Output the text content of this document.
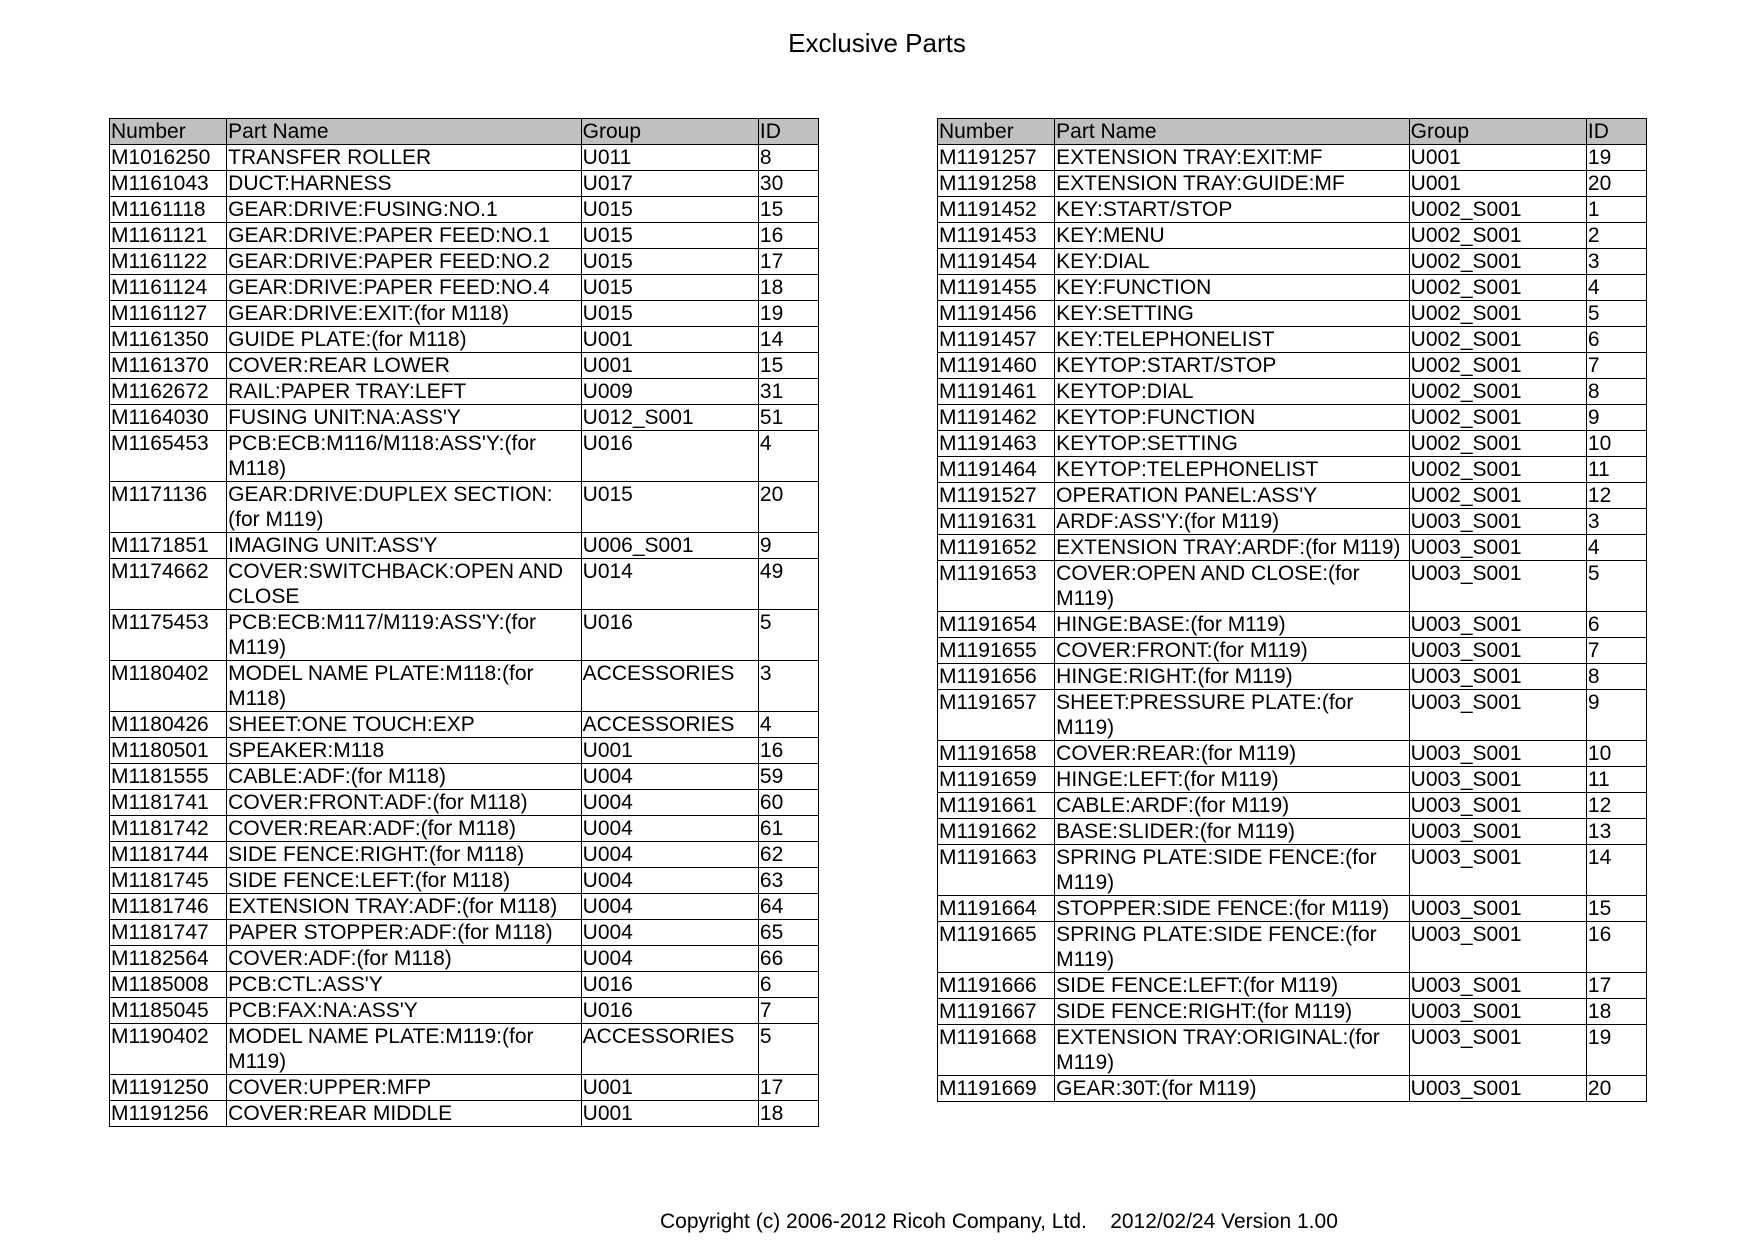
Exclusive Parts
Number	Part Name	Group	ID
M1016250	TRANSFER ROLLER	U011	8
M1161043	DUCT:HARNESS	U017	30
M1161118	GEAR:DRIVE:FUSING:NO.1	U015	15
M1161121	GEAR:DRIVE:PAPER FEED:NO.1	U015	16
M1161122	GEAR:DRIVE:PAPER FEED:NO.2	U015	17
M1161124	GEAR:DRIVE:PAPER FEED:NO.4	U015	18
M1161127	GEAR:DRIVE:EXIT:(for M118)	U015	19
M1161350	GUIDE PLATE:(for M118)	U001	14
M1161370	COVER:REAR LOWER	U001	15
M1162672	RAIL:PAPER TRAY:LEFT	U009	31
M1164030	FUSING UNIT:NA:ASS'Y	U012_S001	51
M1165453	PCB:ECB:M116/M118:ASS'Y:(for M118)	U016	4
M1171136	GEAR:DRIVE:DUPLEX SECTION:(for M119)	U015	20
M1171851	IMAGING UNIT:ASS'Y	U006_S001	9
M1174662	COVER:SWITCHBACK:OPEN AND CLOSE	U014	49
M1175453	PCB:ECB:M117/M119:ASS'Y:(for M119)	U016	5
M1180402	MODEL NAME PLATE:M118:(for M118)	ACCESSORIES	3
M1180426	SHEET:ONE TOUCH:EXP	ACCESSORIES	4
M1180501	SPEAKER:M118	U001	16
M1181555	CABLE:ADF:(for M118)	U004	59
M1181741	COVER:FRONT:ADF:(for M118)	U004	60
M1181742	COVER:REAR:ADF:(for M118)	U004	61
M1181744	SIDE FENCE:RIGHT:(for M118)	U004	62
M1181745	SIDE FENCE:LEFT:(for M118)	U004	63
M1181746	EXTENSION TRAY:ADF:(for M118)	U004	64
M1181747	PAPER STOPPER:ADF:(for M118)	U004	65
M1182564	COVER:ADF:(for M118)	U004	66
M1185008	PCB:CTL:ASS'Y	U016	6
M1185045	PCB:FAX:NA:ASS'Y	U016	7
M1190402	MODEL NAME PLATE:M119:(for M119)	ACCESSORIES	5
M1191250	COVER:UPPER:MFP	U001	17
M1191256	COVER:REAR MIDDLE	U001	18
Number	Part Name	Group	ID
M1191257	EXTENSION TRAY:EXIT:MF	U001	19
M1191258	EXTENSION TRAY:GUIDE:MF	U001	20
M1191452	KEY:START/STOP	U002_S001	1
M1191453	KEY:MENU	U002_S001	2
M1191454	KEY:DIAL	U002_S001	3
M1191455	KEY:FUNCTION	U002_S001	4
M1191456	KEY:SETTING	U002_S001	5
M1191457	KEY:TELEPHONELIST	U002_S001	6
M1191460	KEYTOP:START/STOP	U002_S001	7
M1191461	KEYTOP:DIAL	U002_S001	8
M1191462	KEYTOP:FUNCTION	U002_S001	9
M1191463	KEYTOP:SETTING	U002_S001	10
M1191464	KEYTOP:TELEPHONELIST	U002_S001	11
M1191527	OPERATION PANEL:ASS'Y	U002_S001	12
M1191631	ARDF:ASS'Y:(for M119)	U003_S001	3
M1191652	EXTENSION TRAY:ARDF:(for M119)	U003_S001	4
M1191653	COVER:OPEN AND CLOSE:(for M119)	U003_S001	5
M1191654	HINGE:BASE:(for M119)	U003_S001	6
M1191655	COVER:FRONT:(for M119)	U003_S001	7
M1191656	HINGE:RIGHT:(for M119)	U003_S001	8
M1191657	SHEET:PRESSURE PLATE:(for M119)	U003_S001	9
M1191658	COVER:REAR:(for M119)	U003_S001	10
M1191659	HINGE:LEFT:(for M119)	U003_S001	11
M1191661	CABLE:ARDF:(for M119)	U003_S001	12
M1191662	BASE:SLIDER:(for M119)	U003_S001	13
M1191663	SPRING PLATE:SIDE FENCE:(for M119)	U003_S001	14
M1191664	STOPPER:SIDE FENCE:(for M119)	U003_S001	15
M1191665	SPRING PLATE:SIDE FENCE:(for M119)	U003_S001	16
M1191666	SIDE FENCE:LEFT:(for M119)	U003_S001	17
M1191667	SIDE FENCE:RIGHT:(for M119)	U003_S001	18
M1191668	EXTENSION TRAY:ORIGINAL:(for M119)	U003_S001	19
M1191669	GEAR:30T:(for M119)	U003_S001	20
Copyright (c) 2006-2012 Ricoh Company, Ltd. 2012/02/24 Version 1.00
